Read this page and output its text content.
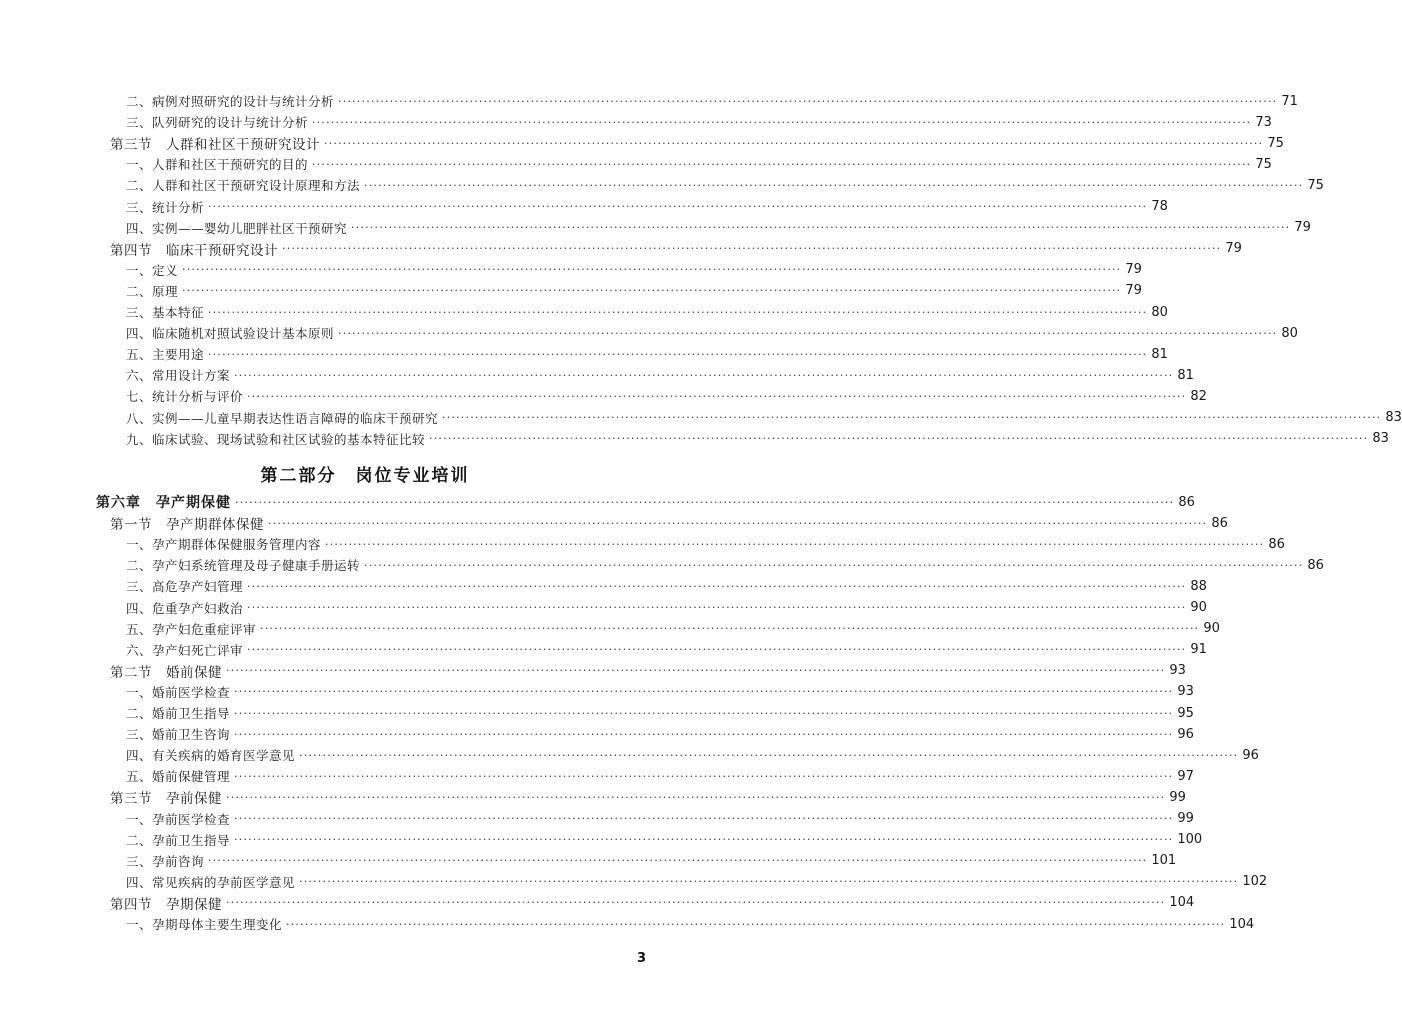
二、病例对照研究的设计与统计分析 ········································································································································································································ 71
三、队列研究的设计与统计分析 ········································································································································································································ 73
第三节　人群和社区干预研究设计 ········································································································································································································ 75
一、人群和社区干预研究的目的 ········································································································································································································ 75
二、人群和社区干预研究设计原理和方法 ········································································································································································································ 75
三、统计分析 ········································································································································································································ 78
四、实例——婴幼儿肥胖社区干预研究 ········································································································································································································ 79
第四节　临床干预研究设计 ········································································································································································································ 79
一、定义 ········································································································································································································ 79
二、原理 ········································································································································································································ 79
三、基本特征 ········································································································································································································ 80
四、临床随机对照试验设计基本原则 ········································································································································································································ 80
五、主要用途 ········································································································································································································ 81
六、常用设计方案 ········································································································································································································ 81
七、统计分析与评价 ········································································································································································································ 82
八、实例——儿童早期表达性语言障碍的临床干预研究 ········································································································································································································ 83
九、临床试验、现场试验和社区试验的基本特征比较 ········································································································································································································ 83
第六章　孕产期保健 ········································································································································································································ 86
第一节　孕产期群体保健 ········································································································································································································ 86
一、孕产期群体保健服务管理内容 ········································································································································································································ 86
二、孕产妇系统管理及母子健康手册运转 ········································································································································································································ 86
三、高危孕产妇管理 ········································································································································································································ 88
四、危重孕产妇救治 ········································································································································································································ 90
五、孕产妇危重症评审 ········································································································································································································ 90
六、孕产妇死亡评审 ········································································································································································································ 91
第二节　婚前保健 ········································································································································································································ 93
一、婚前医学检查 ········································································································································································································ 93
二、婚前卫生指导 ········································································································································································································ 95
三、婚前卫生咨询 ········································································································································································································ 96
四、有关疾病的婚育医学意见 ········································································································································································································ 96
五、婚前保健管理 ········································································································································································································ 97
第三节　孕前保健 ········································································································································································································ 99
一、孕前医学检查 ········································································································································································································ 99
二、孕前卫生指导 ········································································································································································································ 100
三、孕前咨询 ········································································································································································································ 101
四、常见疾病的孕前医学意见 ········································································································································································································ 102
第四节　孕期保健 ········································································································································································································ 104
一、孕期母体主要生理变化 ········································································································································································································ 104
第二部分　岗位专业培训
3
